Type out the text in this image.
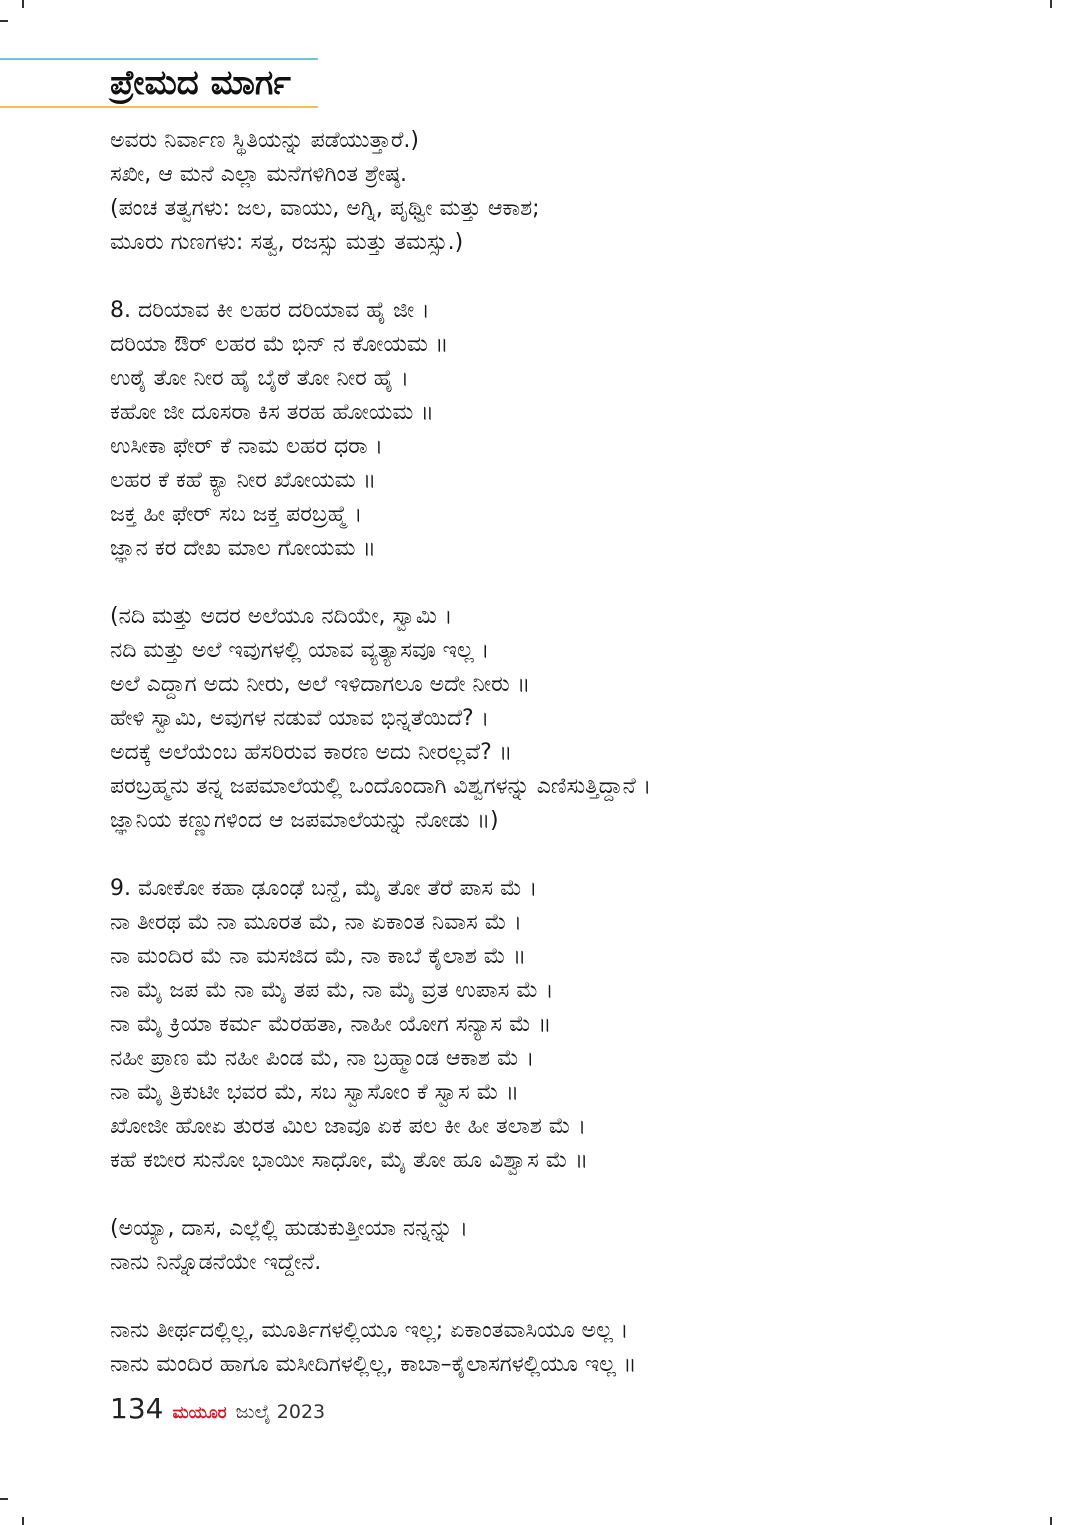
ಪ್ರೇಮದ ಮಾರ್ಗ
ಅವರು ನಿರ್ವಾಣ ಸ್ಥಿತಿಯನ್ನು ಪಡೆಯುತ್ತಾರೆ.)
ಸಖೀ, ಆ ಮನೆ ಎಲ್ಲಾ ಮನೆಗಳಿಗಿಂತ ಶ್ರೇಷ್ಠ.
(ಪಂಚ ತತ್ವಗಳು: ಜಲ, ವಾಯು, ಅಗ್ನಿ, ಪೃಥ್ವೀ ಮತ್ತು ಆಕಾಶ;
ಮೂರು ಗುಣಗಳು: ಸತ್ವ, ರಜಸ್ಸು ಮತ್ತು ತಮಸ್ಸು.)
8. ದರಿಯಾವ ಕೀ ಲಹರ ದರಿಯಾವ ಹೈ ಜೀ ।
ದರಿಯಾ ಔರ್ ಲಹರ ಮೆ ಭಿನ್ ನ ಕೋಯಮ ॥
ಉಠೈ ತೋ ನೀರ ಹೈ ಬೈಠೆ ತೋ ನೀರ ಹೈ ।
ಕಹೋ ಜೀ ದೂಸರಾ ಕಿಸ ತರಹ ಹೋಯಮ ॥
ಉಸೀಕಾ ಫೇರ್ ಕೆ ನಾಮ ಲಹರ ಧರಾ ।
ಲಹರ ಕೆ ಕಹೆ ಕ್ಯಾ ನೀರ ಖೋಯಮ ॥
ಜಕ್ತ ಹೀ ಫೇರ್ ಸಬ ಜಕ್ತ ಪರಬ್ರಹ್ಮೆ ।
ಜ್ಞಾನ ಕರ ದೇಖ ಮಾಲ ಗೋಯಮ ॥
(ನದಿ ಮತ್ತು ಅದರ ಅಲೆಯೂ ನದಿಯೇ, ಸ್ವಾಮಿ ।
ನದಿ ಮತ್ತು ಅಲೆ ಇವುಗಳಲ್ಲಿ ಯಾವ ವ್ಯತ್ಯಾಸವೂ ಇಲ್ಲ ।
ಅಲೆ ಎದ್ದಾಗ ಅದು ನೀರು, ಅಲೆ ಇಳಿದಾಗಲೂ ಅದೇ ನೀರು ॥
ಹೇಳಿ ಸ್ವಾಮಿ, ಅವುಗಳ ನಡುವೆ ಯಾವ ಭಿನ್ನತೆಯಿದೆ? ।
ಅದಕ್ಕೆ ಅಲೆಯೆಂಬ ಹೆಸರಿರುವ ಕಾರಣ ಅದು ನೀರಲ್ಲವೆ? ॥
ಪರಬ್ರಹ್ಮನು ತನ್ನ ಜಪಮಾಲೆಯಲ್ಲಿ ಒಂದೊಂದಾಗಿ ವಿಶ್ವಗಳನ್ನು ಎಣಿಸುತ್ತಿದ್ದಾನೆ ।
ಜ್ಞಾನಿಯ ಕಣ್ಣುಗಳಿಂದ ಆ ಜಪಮಾಲೆಯನ್ನು ನೋಡು ॥)
9. ಮೋಕೋ ಕಹಾ ಢೂಂಢೆ ಬನ್ದೆ, ಮೈ ತೋ ತೆರೆ ಪಾಸ ಮೆ ।
ನಾ ತೀರಥ ಮೆ ನಾ ಮೂರತ ಮೆ, ನಾ ಏಕಾಂತ ನಿವಾಸ ಮೆ ।
ನಾ ಮಂದಿರ ಮೆ ನಾ ಮಸಜಿದ ಮೆ, ನಾ ಕಾಬೆ ಕೈಲಾಶ ಮೆ ॥
ನಾ ಮೈ ಜಪ ಮೆ ನಾ ಮೈ ತಪ ಮೆ, ನಾ ಮೈ ವ್ರತ ಉಪಾಸ ಮೆ ।
ನಾ ಮೈ ಕ್ರಿಯಾ ಕರ್ಮ ಮೆರಹತಾ, ನಾಹೀ ಯೋಗ ಸನ್ಯಾಸ ಮೆ ॥
ನಹೀ ಪ್ರಾಣ ಮೆ ನಹೀ ಪಿಂಡ ಮೆ, ನಾ ಬ್ರಹ್ಮಾಂಡ ಆಕಾಶ ಮೆ ।
ನಾ ಮೈ ತ್ರಿಕುಟೀ ಭವರ ಮೆ, ಸಬ ಸ್ವಾಸೋಂ ಕೆ ಸ್ವಾಸ ಮೆ ॥
ಖೋಜೀ ಹೋಏ ತುರತ ಮಿಲ ಜಾವೂ ಏಕ ಪಲ ಕೀ ಹೀ ತಲಾಶ ಮೆ ।
ಕಹೆ ಕಬೀರ ಸುನೋ ಭಾಯೀ ಸಾಧೋ, ಮೈ ತೋ ಹೂ ವಿಶ್ವಾಸ ಮೆ ॥
(ಅಯ್ಯಾ, ದಾಸ, ಎಲ್ಲೆಲ್ಲಿ ಹುಡುಕುತ್ತೀಯಾ ನನ್ನನ್ನು ।
ನಾನು ನಿನ್ನೊಡನೆಯೇ ಇದ್ದೇನೆ.
ನಾನು ತೀರ್ಥದಲ್ಲಿಲ್ಲ, ಮೂರ್ತಿಗಳಲ್ಲಿಯೂ ಇಲ್ಲ; ಏಕಾಂತವಾಸಿಯೂ ಅಲ್ಲ ।
ನಾನು ಮಂದಿರ ಹಾಗೂ ಮಸೀದಿಗಳಲ್ಲಿಲ್ಲ, ಕಾಬಾ–ಕೈಲಾಸಗಳಲ್ಲಿಯೂ ಇಲ್ಲ ॥
134 ಮಯೂರ ಜುಲೈ 2023
